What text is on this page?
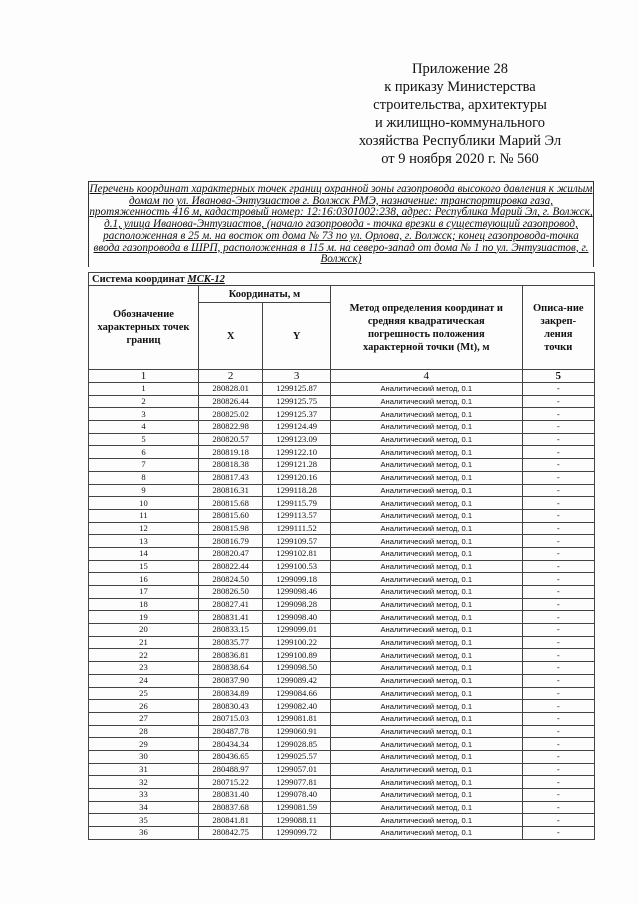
Приложение 28
к приказу Министерства
строительства, архитектуры
и жилищно-коммунального
хозяйства Республики Марий Эл
от 9 ноября 2020 г. № 560
Перечень координат характерных точек границ охранной зоны газопровода высокого давления к жилым домам по ул. Иванова-Энтузиастов г. Волжск РМЭ, назначение: транспортировка газа, протяженность 416 м, кадастровый номер: 12:16:0301002:238, адрес: Республика Марий Эл, г. Волжск, д.1, улица Иванова-Энтузиастов, (начало газопровода - точка врезки в существующий газопровод, расположенная в 25 м. на восток от дома № 73 по ул. Орлова, г. Волжск; конец газопровода-точка ввода газопровода в ШРП, расположенная в 115 м. на северо-запад от дома № 1 по ул. Энтузиастов, г. Волжск)
Система координат МСК-12				
Обозначение характерных точек границ	Координаты, м		Метод определения координат и средняя квадратическая погрешность положения характерной точки (Mt), м	Описа-ние закреп-ления точки
	X	Y		
1	2	3	4	5
1	280828.01	1299125.87	Аналитический метод, 0.1	-
2	280826.44	1299125.75	Аналитический метод, 0.1	-
3	280825.02	1299125.37	Аналитический метод, 0.1	-
4	280822.98	1299124.49	Аналитический метод, 0.1	-
5	280820.57	1299123.09	Аналитический метод, 0.1	-
6	280819.18	1299122.10	Аналитический метод, 0.1	-
7	280818.38	1299121.28	Аналитический метод, 0.1	-
8	280817.43	1299120.16	Аналитический метод, 0.1	-
9	280816.31	1299118.28	Аналитический метод, 0.1	-
10	280815.68	1299115.79	Аналитический метод, 0.1	-
11	280815.60	1299113.57	Аналитический метод, 0.1	-
12	280815.98	1299111.52	Аналитический метод, 0.1	-
13	280816.79	1299109.57	Аналитический метод, 0.1	-
14	280820.47	1299102.81	Аналитический метод, 0.1	-
15	280822.44	1299100.53	Аналитический метод, 0.1	-
16	280824.50	1299099.18	Аналитический метод, 0.1	-
17	280826.50	1299098.46	Аналитический метод, 0.1	-
18	280827.41	1299098.28	Аналитический метод, 0.1	-
19	280831.41	1299098.40	Аналитический метод, 0.1	-
20	280833.15	1299099.01	Аналитический метод, 0.1	-
21	280835.77	1299100.22	Аналитический метод, 0.1	-
22	280836.81	1299100.89	Аналитический метод, 0.1	-
23	280838.64	1299098.50	Аналитический метод, 0.1	-
24	280837.90	1299089.42	Аналитический метод, 0.1	-
25	280834.89	1299084.66	Аналитический метод, 0.1	-
26	280830.43	1299082.40	Аналитический метод, 0.1	-
27	280715.03	1299081.81	Аналитический метод, 0.1	-
28	280487.78	1299060.91	Аналитический метод, 0.1	-
29	280434.34	1299028.85	Аналитический метод, 0.1	-
30	280436.65	1299025.57	Аналитический метод, 0.1	-
31	280488.97	1299057.01	Аналитический метод, 0.1	-
32	280715.22	1299077.81	Аналитический метод, 0.1	-
33	280831.40	1299078.40	Аналитический метод, 0.1	-
34	280837.68	1299081.59	Аналитический метод, 0.1	-
35	280841.81	1299088.11	Аналитический метод, 0.1	-
36	280842.75	1299099.72	Аналитический метод, 0.1	-
